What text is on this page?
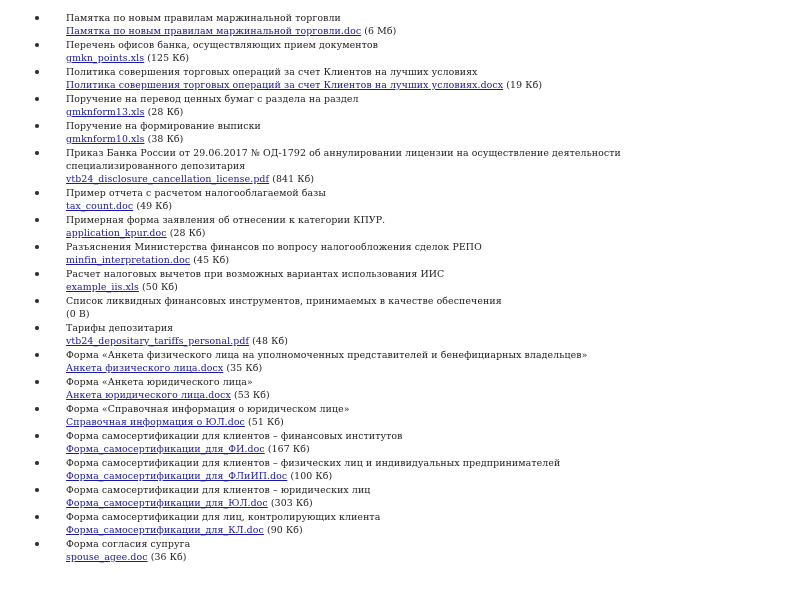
Памятка по новым правилам маржинальной торговли
Памятка по новым правилам маржинальной торговли.doc (6 Мб)
Перечень офисов банка, осуществляющих прием документов
gmkn_points.xls (125 Кб)
Политика совершения торговых операций за счет Клиентов на лучших условиях
Политика совершения торговых операций за счет Клиентов на лучших условиях.docx (19 Кб)
Поручение на перевод ценных бумаг с раздела на раздел
gmknform13.xls (28 Кб)
Поручение на формирование выписки
gmknform10.xls (38 Кб)
Приказ Банка России от 29.06.2017 № ОД-1792 об аннулировании лицензии на осуществление деятельности
специализированного депозитария
vtb24_disclosure_cancellation_license.pdf (841 Кб)
Пример отчета с расчетом налогооблагаемой базы
tax_count.doc (49 Кб)
Примерная форма заявления об отнесении к категории КПУР.
application_kpur.doc (28 Кб)
Разъяснения Министерства финансов по вопросу налогообложения сделок РЕПО
minfin_interpretation.doc (45 Кб)
Расчет налоговых вычетов при возможных вариантах использования ИИС
example_iis.xls (50 Кб)
Список ликвидных финансовых инструментов, принимаемых в качестве обеспечения
(0 В)
Тарифы депозитария
vtb24_depositary_tariffs_personal.pdf (48 Кб)
Форма «Анкета физического лица на уполномоченных представителей и бенефициарных владельцев»
Анкета физического лица.docx (35 Кб)
Форма «Анкета юридического лица»
Анкета юридического лица.docx (53 Кб)
Форма «Справочная информация о юридическом лице»
Справочная информация о ЮЛ.doc (51 Кб)
Форма самосертификации для клиентов – финансовых институтов
Форма_самосертификации_для_ФИ.doc (167 Кб)
Форма самосертификации для клиентов – физических лиц и индивидуальных предпринимателей
Форма_самосертификации_для_ФЛиИП.doc (100 Кб)
Форма самосертификации для клиентов – юридических лиц
Форма_самосертификации_для_ЮЛ.doc (303 Кб)
Форма самосертификации для лиц, контролирующих клиента
Форма_самосертификации_для_КЛ.doc (90 Кб)
Форма согласия супруга
spouse_agee.doc (36 Кб)
